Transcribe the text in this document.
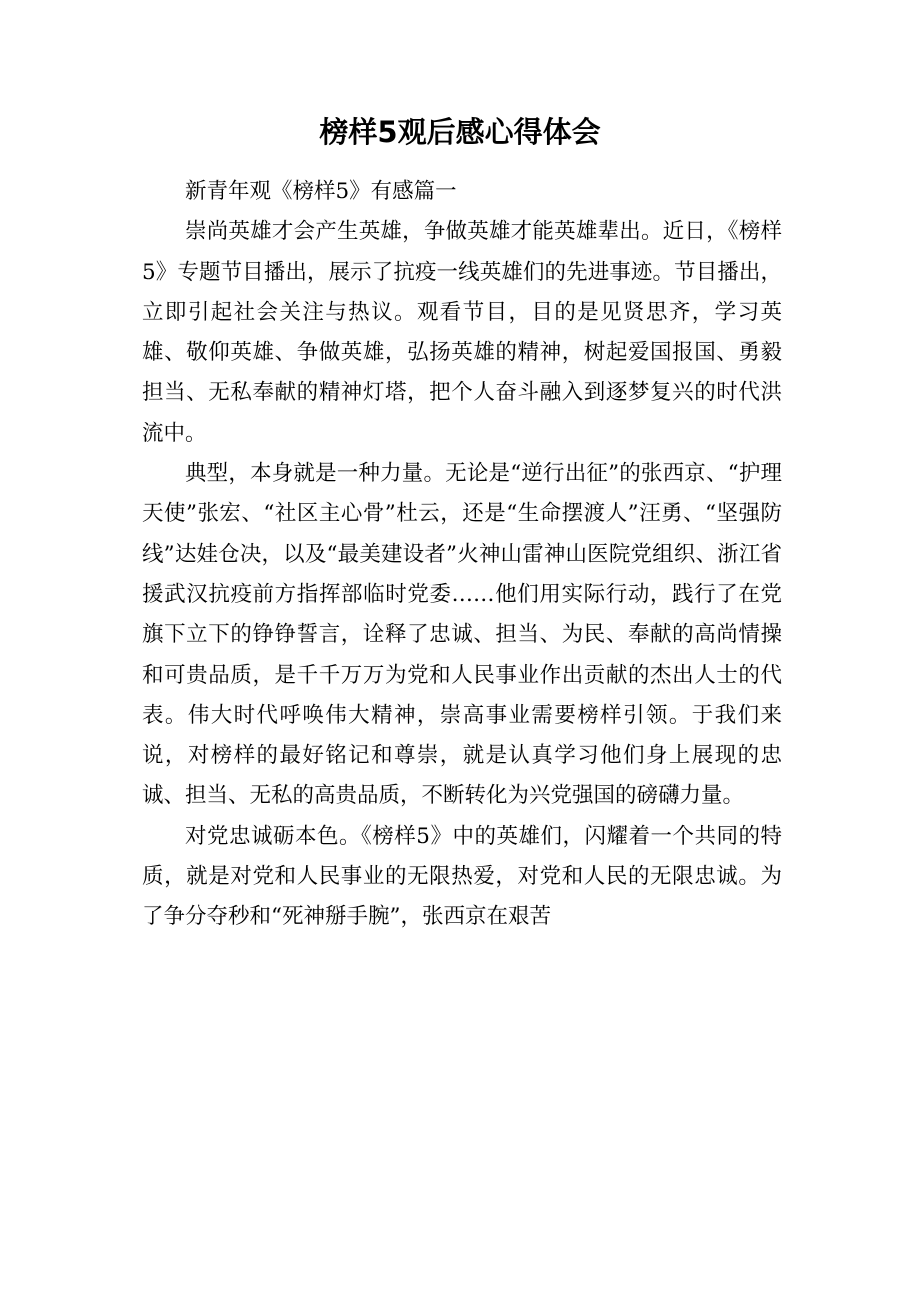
榜样5观后感心得体会

新青年观《榜样5》有感篇一

崇尚英雄才会产生英雄，争做英雄才能英雄辈出。近日，《榜样5》专题节目播出，展示了抗疫一线英雄们的先进事迹。节目播出，立即引起社会关注与热议。观看节目，目的是见贤思齐，学习英雄、敬仰英雄、争做英雄，弘扬英雄的精神，树起爱国报国、勇毅担当、无私奉献的精神灯塔，把个人奋斗融入到逐梦复兴的时代洪流中。

典型，本身就是一种力量。无论是“逆行出征”的张西京、“护理天使”张宏、“社区主心骨”杜云，还是“生命摆渡人”汪勇、“坚强防线”达娃仓决，以及“最美建设者”火神山雷神山医院党组织、浙江省援武汉抗疫前方指挥部临时党委……他们用实际行动，践行了在党旗下立下的铮铮誓言，诠释了忠诚、担当、为民、奉献的高尚情操和可贵品质，是千千万万为党和人民事业作出贡献的杰出人士的代表。伟大时代呼唤伟大精神，崇高事业需要榜样引领。于我们来说，对榜样的最好铭记和尊崇，就是认真学习他们身上展现的忠诚、担当、无私的高贵品质，不断转化为兴党强国的磅礴力量。

对党忠诚砺本色。《榜样5》中的英雄们，闪耀着一个共同的特质，就是对党和人民事业的无限热爱，对党和人民的无限忠诚。为了争分夺秒和“死神掰手腕”，张西京在艰苦
